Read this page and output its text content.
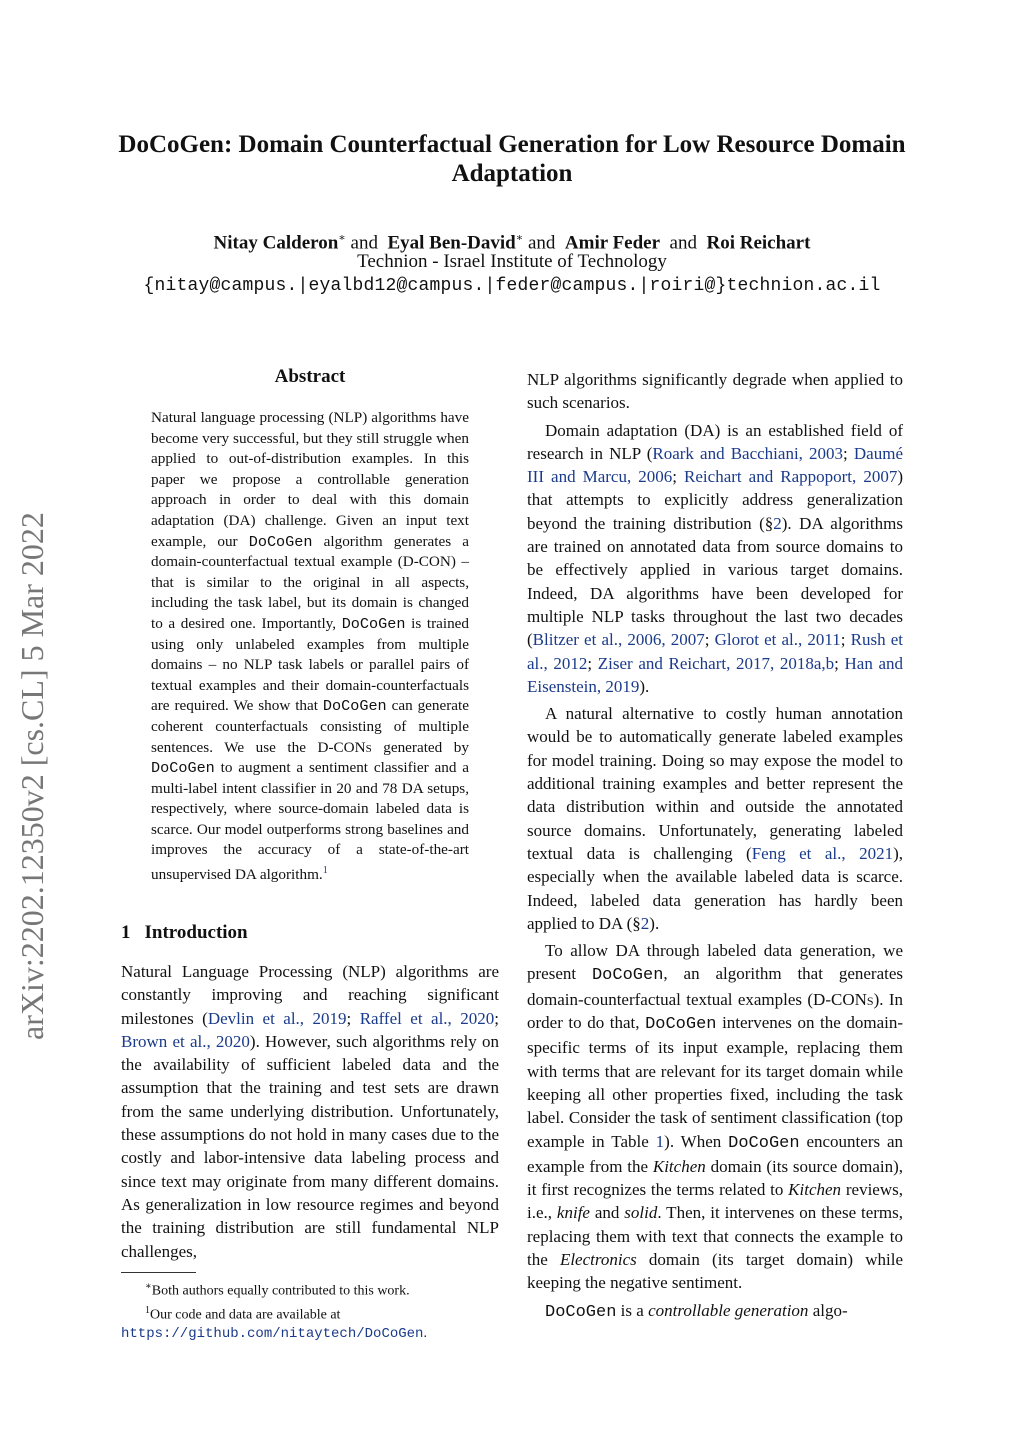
DoCoGen: Domain Counterfactual Generation for Low Resource Domain
Adaptation
Nitay Calderon∗ and Eyal Ben-David∗ and Amir Feder and Roi Reichart
Technion - Israel Institute of Technology
{nitay@campus.|eyalbd12@campus.|feder@campus.|roiri@}technion.ac.il
arXiv:2202.12350v2 [cs.CL] 5 Mar 2022
Abstract
Natural language processing (NLP) algorithms have become very successful, but they still struggle when applied to out-of-distribution examples. In this paper we propose a controllable generation approach in order to deal with this domain adaptation (DA) challenge. Given an input text example, our DoCoGen algorithm generates a domain-counterfactual textual example (D-CON) – that is similar to the original in all aspects, including the task label, but its domain is changed to a desired one. Importantly, DoCoGen is trained using only unlabeled examples from multiple domains – no NLP task labels or parallel pairs of textual examples and their domain-counterfactuals are required. We show that DoCoGen can generate coherent counterfactuals consisting of multiple sentences. We use the D-CONs generated by DoCoGen to augment a sentiment classifier and a multi-label intent classifier in 20 and 78 DA setups, respectively, where source-domain labeled data is scarce. Our model outperforms strong baselines and improves the accuracy of a state-of-the-art unsupervised DA algorithm.$^1$
1 Introduction

Natural Language Processing (NLP) algorithms are constantly improving and reaching significant milestones (Devlin et al., 2019; Raffel et al., 2020; Brown et al., 2020). However, such algorithms rely on the availability of sufficient labeled data and the assumption that the training and test sets are drawn from the same underlying distribution. Unfortunately, these assumptions do not hold in many cases due to the costly and labor-intensive data labeling process and since text may originate from many different domains. As generalization in low resource regimes and beyond the training distribution are still fundamental NLP challenges,

∗Both authors equally contributed to this work.

$^1$Our code and data are available at https://github.com/nitaytech/DoCoGen.

NLP algorithms significantly degrade when applied to such scenarios.

Domain adaptation (DA) is an established field of research in NLP (Roark and Bacchiani, 2003; Daumé III and Marcu, 2006; Reichart and Rappoport, 2007) that attempts to explicitly address generalization beyond the training distribution (§2). DA algorithms are trained on annotated data from source domains to be effectively applied in various target domains. Indeed, DA algorithms have been developed for multiple NLP tasks throughout the last two decades (Blitzer et al., 2006, 2007; Glorot et al., 2011; Rush et al., 2012; Ziser and Reichart, 2017, 2018a,b; Han and Eisenstein, 2019).

A natural alternative to costly human annotation would be to automatically generate labeled examples for model training. Doing so may expose the model to additional training examples and better represent the data distribution within and outside the annotated source domains. Unfortunately, generating labeled textual data is challenging (Feng et al., 2021), especially when the available labeled data is scarce. Indeed, labeled data generation has hardly been applied to DA (§2).

To allow DA through labeled data generation, we present DoCoGen, an algorithm that generates domain-counterfactual textual examples (D-CONs). In order to do that, DoCoGen intervenes on the domain-specific terms of its input example, replacing them with terms that are relevant for its target domain while keeping all other properties fixed, including the task label. Consider the task of sentiment classification (top example in Table 1). When DoCoGen encounters an example from the Kitchen domain (its source domain), it first recognizes the terms related to Kitchen reviews, i.e., knife and solid. Then, it intervenes on these terms, replacing them with text that connects the example to the Electronics domain (its target domain) while keeping the negative sentiment.

DoCoGen is a controllable generation algo-
